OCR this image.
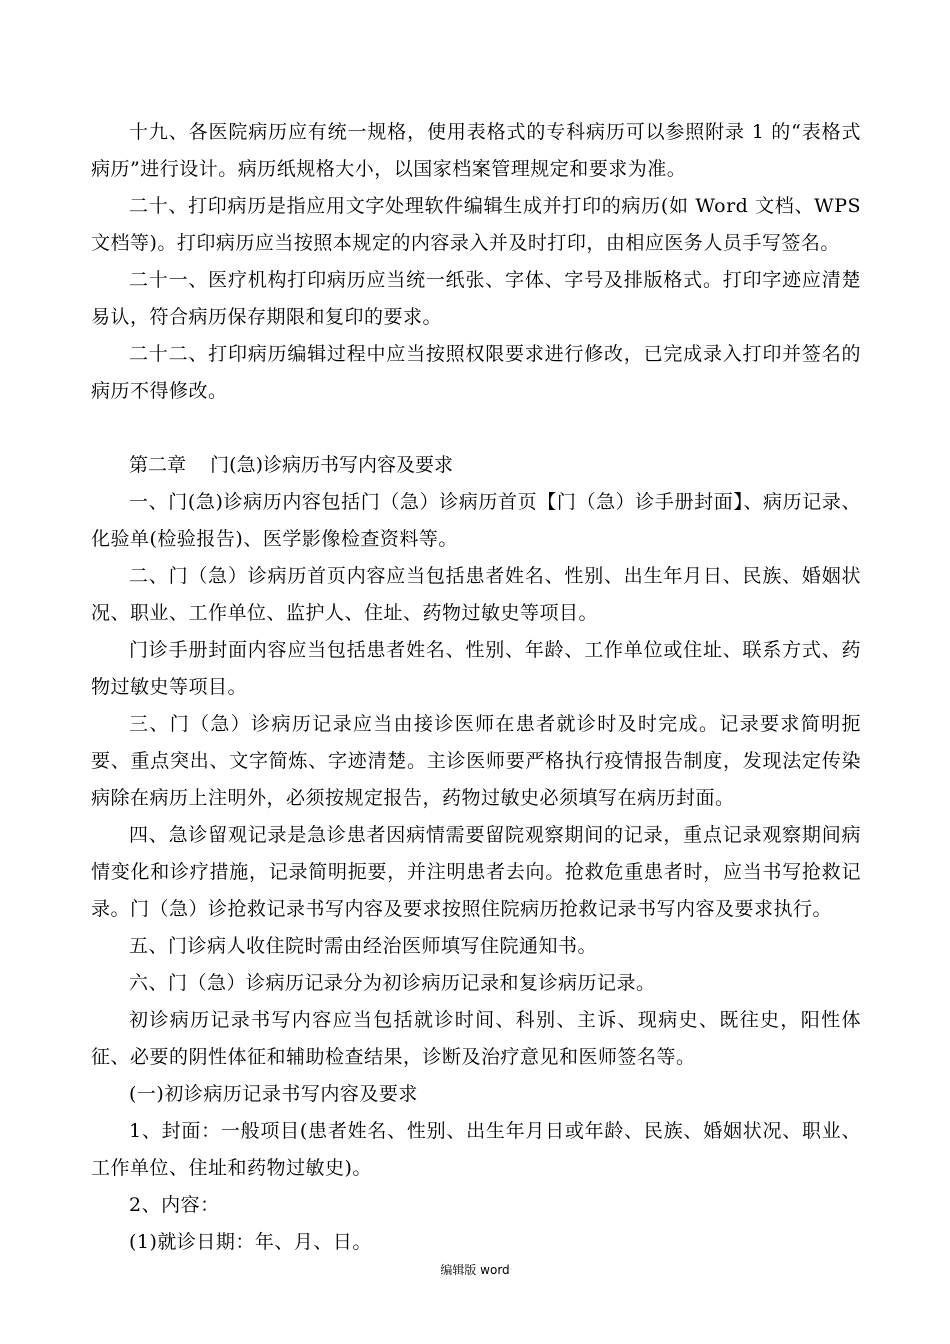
十九、各医院病历应有统一规格，使用表格式的专科病历可以参照附录 1 的“表格式病历”进行设计。病历纸规格大小，以国家档案管理规定和要求为准。

二十、打印病历是指应用文字处理软件编辑生成并打印的病历(如 Word 文档、WPS 文档等)。打印病历应当按照本规定的内容录入并及时打印，由相应医务人员手写签名。

二十一、医疗机构打印病历应当统一纸张、字体、字号及排版格式。打印字迹应清楚易认，符合病历保存期限和复印的要求。

二十二、打印病历编辑过程中应当按照权限要求进行修改，已完成录入打印并签名的病历不得修改。

第二章    门(急)诊病历书写内容及要求

一、门(急)诊病历内容包括门（急）诊病历首页【门（急）诊手册封面】、病历记录、化验单(检验报告)、医学影像检查资料等。

二、门（急）诊病历首页内容应当包括患者姓名、性别、出生年月日、民族、婚姻状况、职业、工作单位、监护人、住址、药物过敏史等项目。

门诊手册封面内容应当包括患者姓名、性别、年龄、工作单位或住址、联系方式、药物过敏史等项目。

三、门（急）诊病历记录应当由接诊医师在患者就诊时及时完成。记录要求简明扼要、重点突出、文字简炼、字迹清楚。主诊医师要严格执行疫情报告制度，发现法定传染病除在病历上注明外，必须按规定报告，药物过敏史必须填写在病历封面。

四、急诊留观记录是急诊患者因病情需要留院观察期间的记录，重点记录观察期间病情变化和诊疗措施，记录简明扼要，并注明患者去向。抢救危重患者时，应当书写抢救记录。门（急）诊抢救记录书写内容及要求按照住院病历抢救记录书写内容及要求执行。

五、门诊病人收住院时需由经治医师填写住院通知书。

六、门（急）诊病历记录分为初诊病历记录和复诊病历记录。

初诊病历记录书写内容应当包括就诊时间、科别、主诉、现病史、既往史，阳性体征、必要的阴性体征和辅助检查结果，诊断及治疗意见和医师签名等。

(一)初诊病历记录书写内容及要求

1、封面：一般项目(患者姓名、性别、出生年月日或年龄、民族、婚姻状况、职业、工作单位、住址和药物过敏史)。

2、内容：

(1)就诊日期：年、月、日。

编辑版 word
